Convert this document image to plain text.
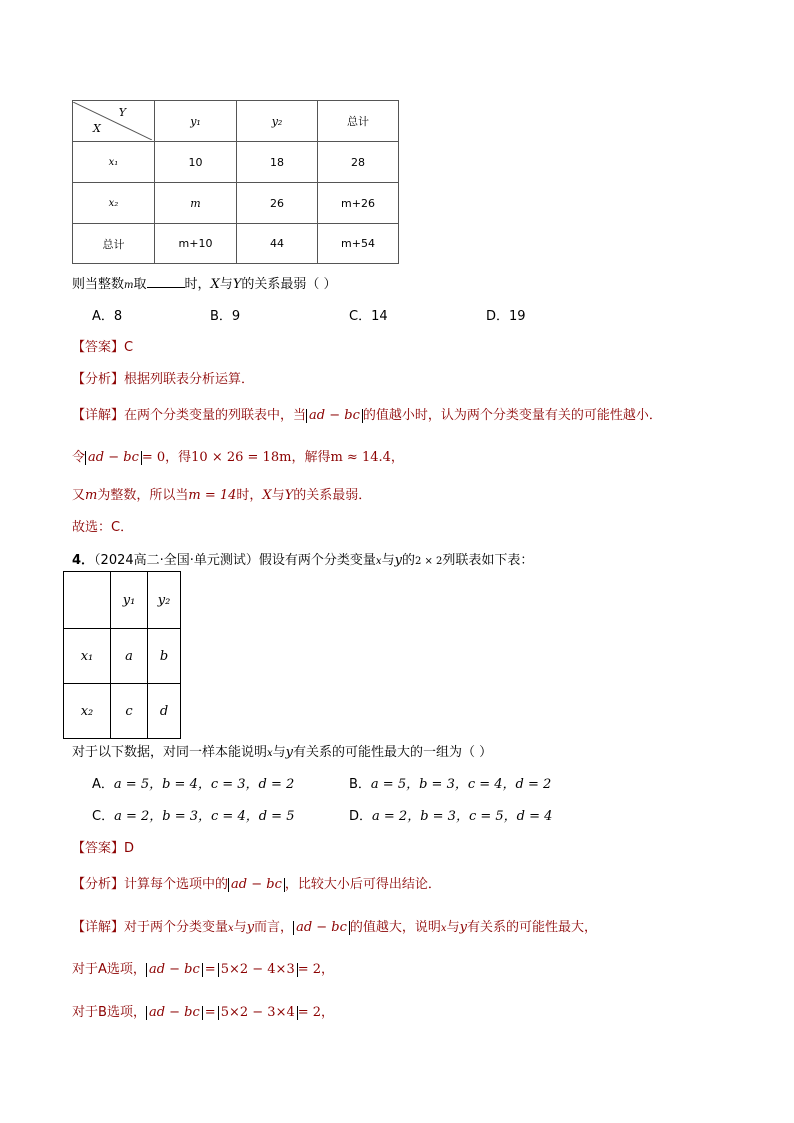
Y
X	y₁	y₂	总计
x₁	10	18	28
x₂	m	26	m+26
总计	m+10	44	m+54
则当整数m取	时，X与Y的关系最弱（ ）
A．8	B．9	C．14	D．19
【答案】C
【分析】根据列联表分析运算．
【详解】在两个分类变量的列联表中，当 ad − bc 的值越小时，认为两个分类变量有关的可能性越小．
令 ad − bc = 0，得10 × 26 = 18m，解得m ≈ 14.4，
又m为整数，所以当m = 14时，X与Y的关系最弱．
故选：C．
4．（2024高二·全国·单元测试）假设有两个分类变量x与y的2 × 2列联表如下表：
	y₁	y₂
x₁	a	b
x₂	c	d
对于以下数据，对同一样本能说明x与y有关系的可能性最大的一组为（ ）
A．a = 5，b = 4，c = 3，d = 2	B．a = 5，b = 3，c = 4，d = 2
C．a = 2，b = 3，c = 4，d = 5	D．a = 2，b = 3，c = 5，d = 4
【答案】D
【分析】计算每个选项中的 ad − bc ，比较大小后可得出结论．
【详解】对于两个分类变量x与y而言， ad − bc 的值越大，说明x与y有关系的可能性最大，
对于A选项， ad − bc = 5×2 − 4×3 = 2，
对于B选项， ad − bc = 5×2 − 3×4 = 2，
